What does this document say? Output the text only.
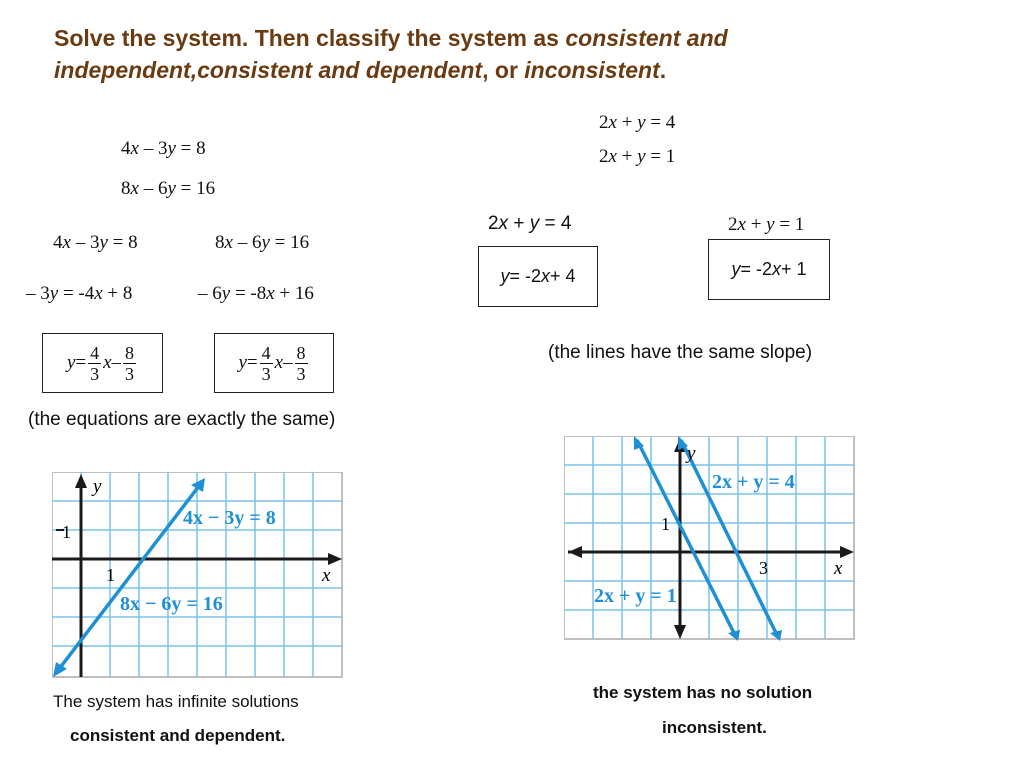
Solve the system. Then classify the system as consistent and independent,consistent and dependent, or inconsistent.
4x – 3y = 8
8x – 6y = 16
4x – 3y = 8
– 3y = -4x + 8
$y = \frac{4}{3}$ x – $\frac{8}{3}$
8x – 6y = 16
– 6y = -8x + 16
$y = \frac{4}{3}$ x – $\frac{8}{3}$
(the equations are exactly the same)
y
x
1
1
4x − 3y = 8
8x − 6y = 16
The system has infinite solutions
consistent and dependent.
2x + y = 4
2x + y = 1
2x + y = 4
y = -2 x + 4
2x + y = 1
y = -2 x + 1
(the lines have the same slope)
y
x
1
3
2x + y = 4
2x + y = 1
the system has no solution
inconsistent.
